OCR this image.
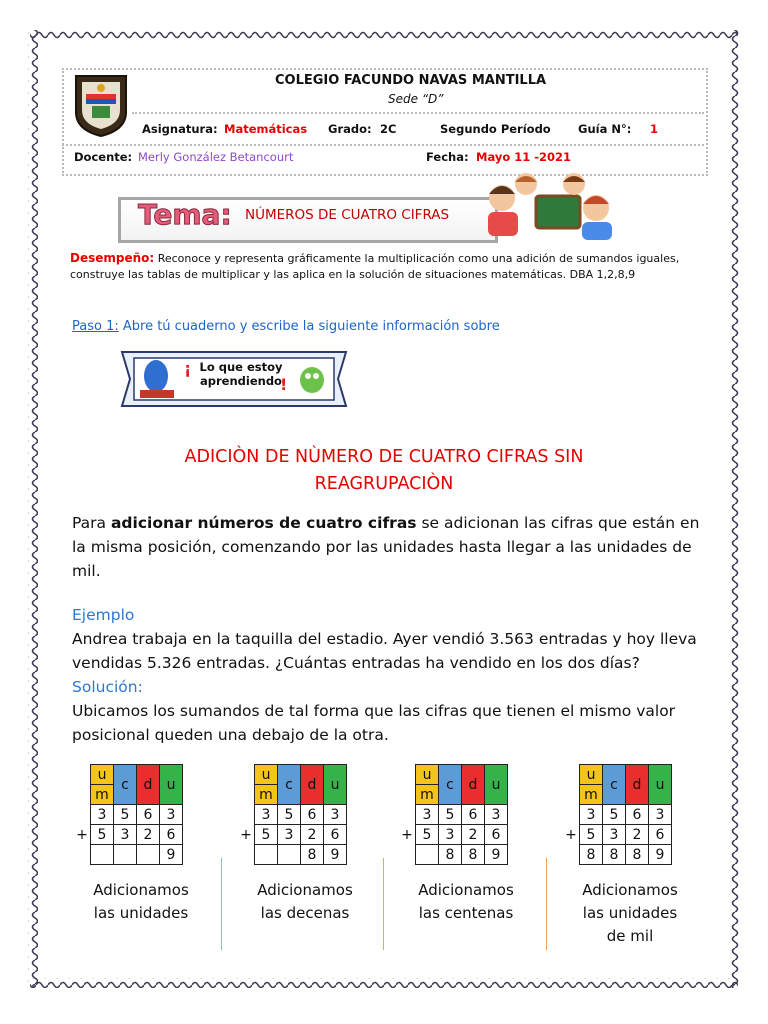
COLEGIO FACUNDO NAVAS MANTILLA
Sede “D”
Asignatura: Matemáticas Grado: 2C	Segundo Período Guía N°: 1
Docente: Merly González Betancourt	Fecha: Mayo 11 -2021
Tema: NÚMEROS DE CUATRO CIFRAS
Desempeño: Reconoce y representa gráficamente la multiplicación como una adición de sumandos iguales, construye las tablas de multiplicar y las aplica en la solución de situaciones matemáticas. DBA 1,2,8,9
Paso 1: Abre tú cuaderno y escribe la siguiente información sobre
¡
!
Lo que estoy
aprendiendo
ADICIÒN DE NÙMERO DE CUATRO CIFRAS SIN
REAGRUPACIÒN
Para adicionar números de cuatro cifras se adicionan las cifras que están en la misma posición, comenzando por las unidades hasta llegar a las unidades de mil.
Ejemplo
Andrea trabaja en la taquilla del estadio. Ayer vendió 3.563 entradas y hoy lleva vendidas 5.326 entradas. ¿Cuántas entradas ha vendido en los dos días?
Solución:
Ubicamos los sumandos de tal forma que las cifras que tienen el mismo valor posicional queden una debajo de la otra.
	u	c	d	u
	m			
	3	5	6	3
+	5	3	2	6
				9
Adicionamos
las unidades
	u	c	d	u
	m			
	3	5	6	3
+	5	3	2	6
			8	9
Adicionamos
las decenas
	u	c	d	u
	m			
	3	5	6	3
+	5	3	2	6
		8	8	9
Adicionamos
las centenas
	u	c	d	u
	m			
	3	5	6	3
+	5	3	2	6
	8	8	8	9
Adicionamos
las unidades
de mil
